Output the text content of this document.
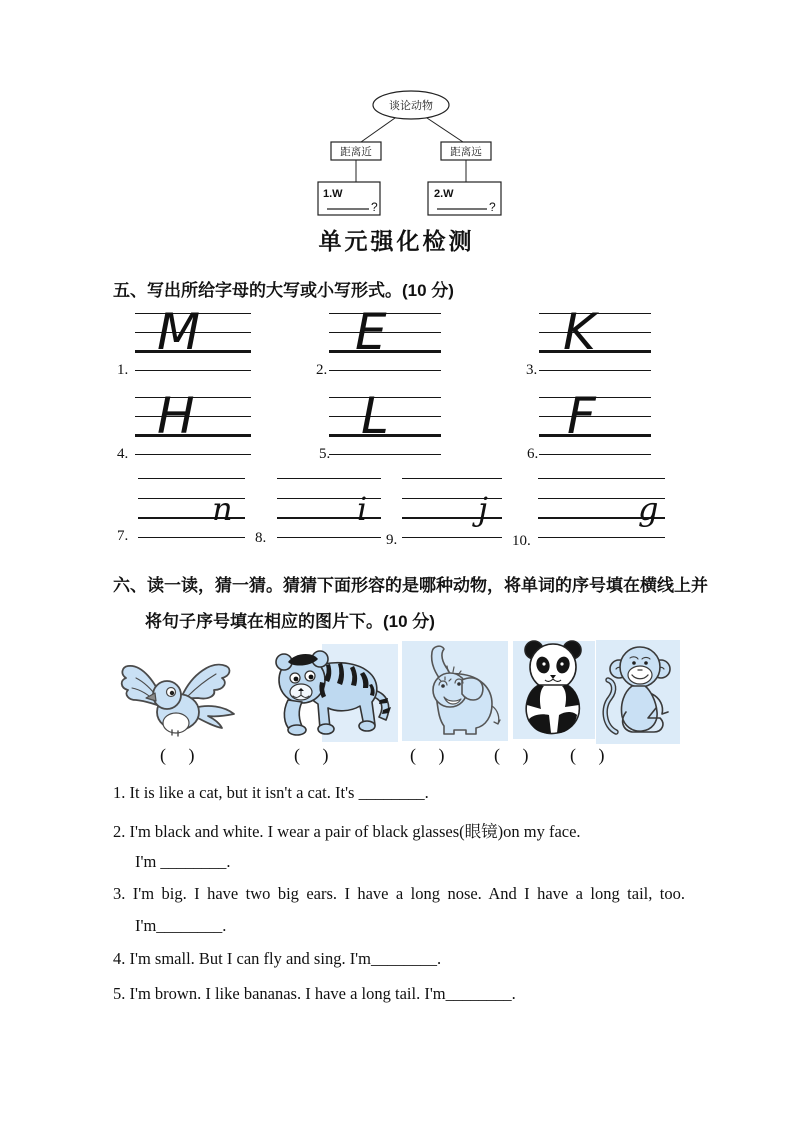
谈论动物
距离近	距离远
1.W
?
2.W
?
单元强化检测
五、写出所给字母的大写或小写形式。(10 分)
M
1.
E
2.
K
3.
H
4.
L
5.
F
6.
n
7.
i
8.
j
9.
g
10.
六、读一读，猜一猜。猜猜下面形容的是哪种动物，将单词的序号填在横线上并
将句子序号填在相应的图片下。(10 分)
(     )	(     )	(     )	(     ) (     )
1. It is like a cat, but it isn't a cat. It's ________.
2. I'm black and white. I wear a pair of black glasses(眼镜)on my face.
I'm ________.
3. I'm big. I have two big ears. I have a long nose. And I have a long tail, too.
I'm________.
4. I'm small. But I can fly and sing. I'm________.
5. I'm brown. I like bananas. I have a long tail. I'm________.
